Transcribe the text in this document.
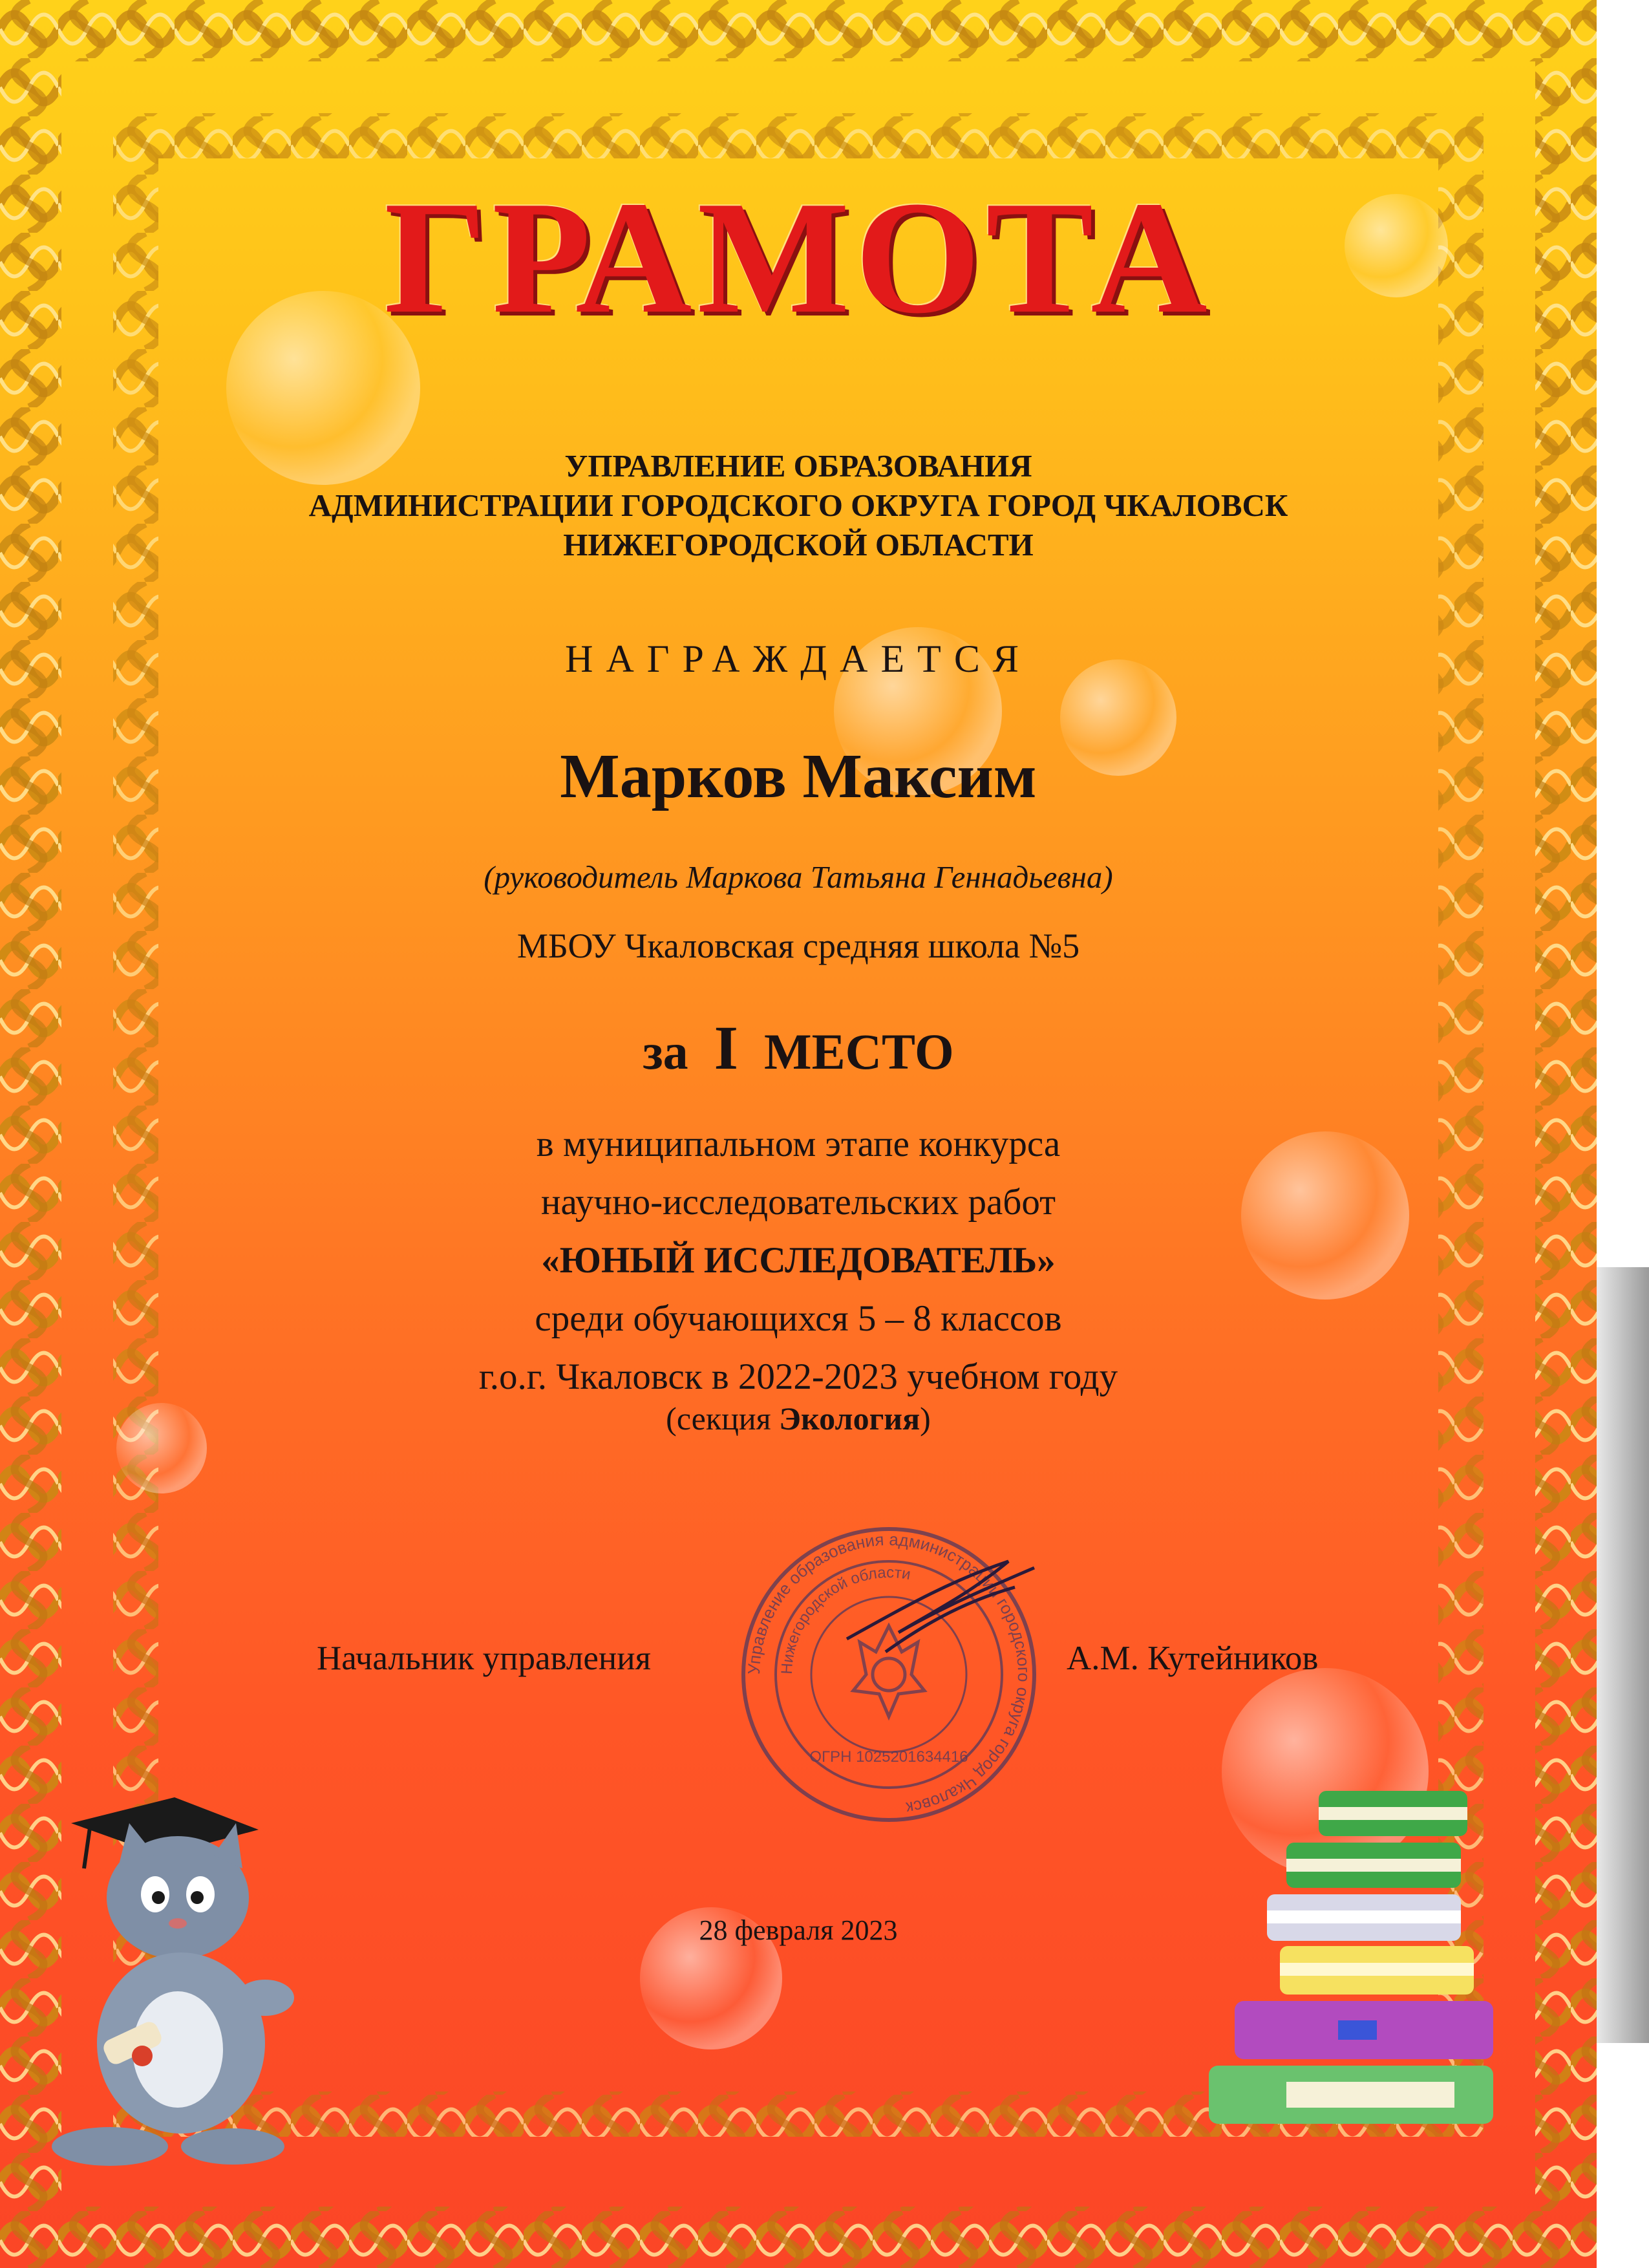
ГРАМОТА
УПРАВЛЕНИЕ ОБРАЗОВАНИЯ
АДМИНИСТРАЦИИ ГОРОДСКОГО ОКРУГА ГОРОД ЧКАЛОВСК
НИЖЕГОРОДСКОЙ ОБЛАСТИ
НАГРАЖДАЕТСЯ
Марков Максим
(руководитель Маркова Татьяна Геннадьевна)
МБОУ Чкаловская средняя школа №5
за I МЕСТО
в муниципальном этапе конкурса
научно-исследовательских работ
«ЮНЫЙ ИССЛЕДОВАТЕЛЬ»
среди обучающихся 5 – 8 классов
г.о.г. Чкаловск в 2022-2023 учебном году
(секция Экология)
Управление образования администрации городского округа город Чкаловск
Нижегородской области
ОГРН 1025201634416
Начальник управления	А.М. Кутейников
28 февраля 2023
